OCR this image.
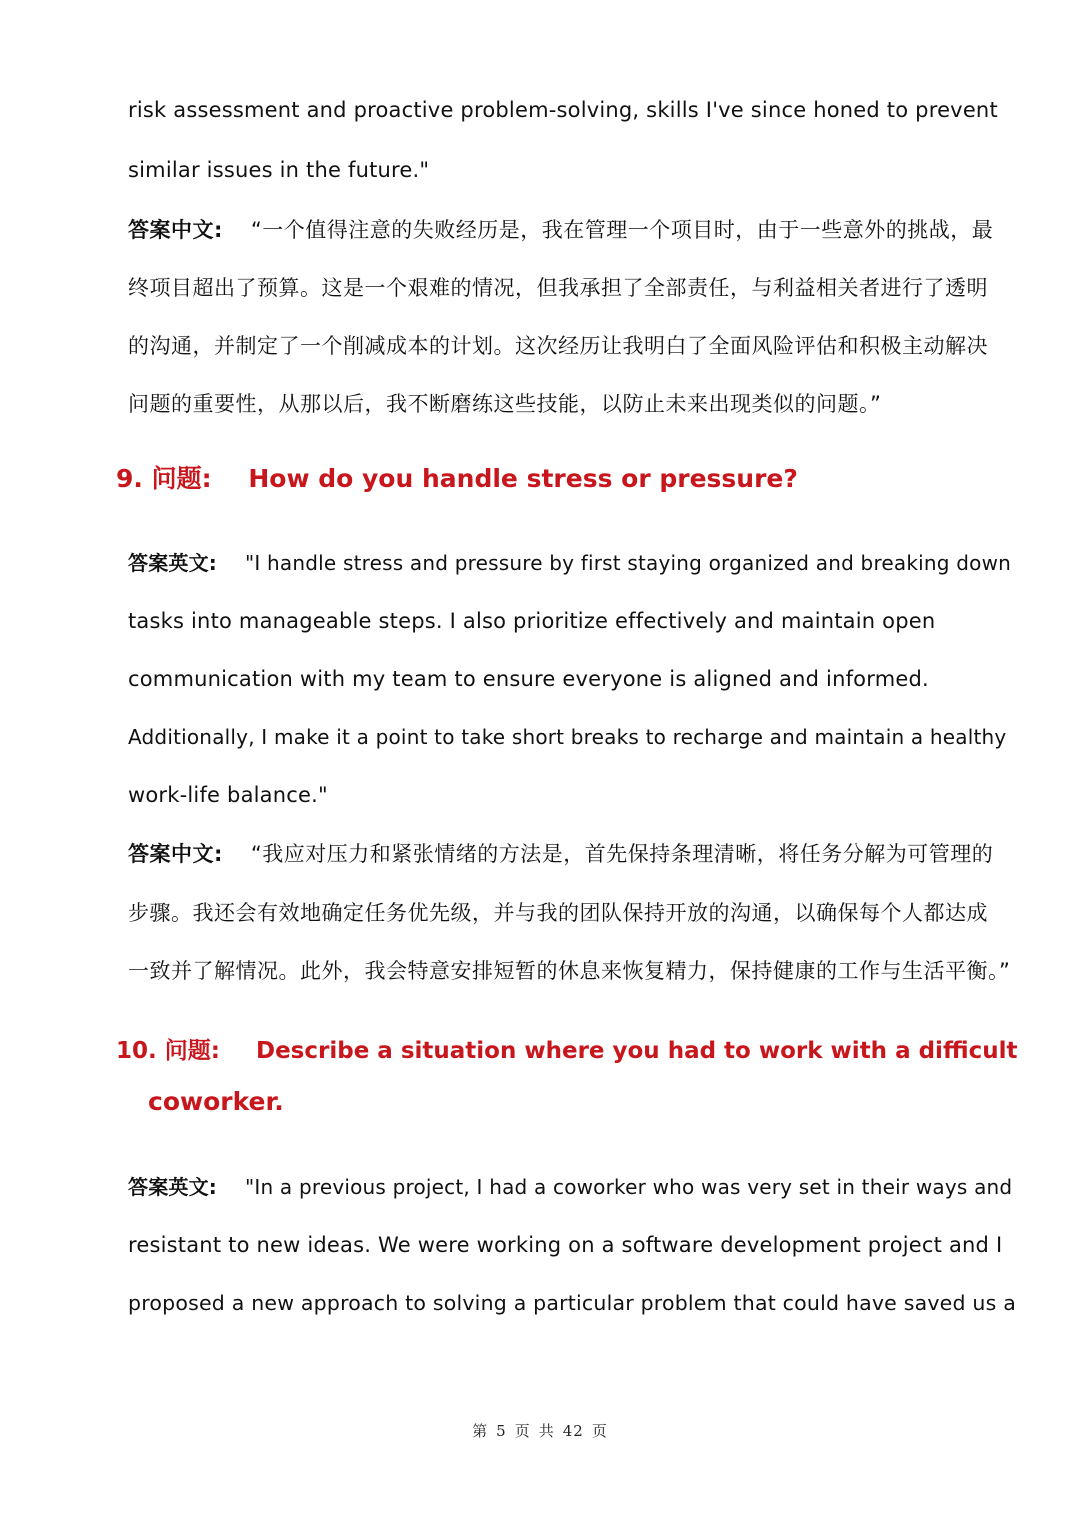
risk assessment and proactive problem-solving, skills I've since honed to prevent
similar issues in the future."
答案中文: “一个值得注意的失败经历是，我在管理一个项目时，由于一些意外的挑战，最
终项目超出了预算。这是一个艰难的情况，但我承担了全部责任，与利益相关者进行了透明
的沟通，并制定了一个削减成本的计划。这次经历让我明白了全面风险评估和积极主动解决
问题的重要性，从那以后，我不断磨练这些技能，以防止未来出现类似的问题。”
9. 问题: How do you handle stress or pressure?
答案英文: "I handle stress and pressure by first staying organized and breaking down
tasks into manageable steps. I also prioritize effectively and maintain open
communication with my team to ensure everyone is aligned and informed.
Additionally, I make it a point to take short breaks to recharge and maintain a healthy
work-life balance."
答案中文: “我应对压力和紧张情绪的方法是，首先保持条理清晰，将任务分解为可管理的
步骤。我还会有效地确定任务优先级，并与我的团队保持开放的沟通，以确保每个人都达成
一致并了解情况。此外，我会特意安排短暂的休息来恢复精力，保持健康的工作与生活平衡。”
10. 问题: Describe a situation where you had to work with a difficult
coworker.
答案英文: "In a previous project, I had a coworker who was very set in their ways and
resistant to new ideas. We were working on a software development project and I
proposed a new approach to solving a particular problem that could have saved us a
第 5 页 共 42 页
